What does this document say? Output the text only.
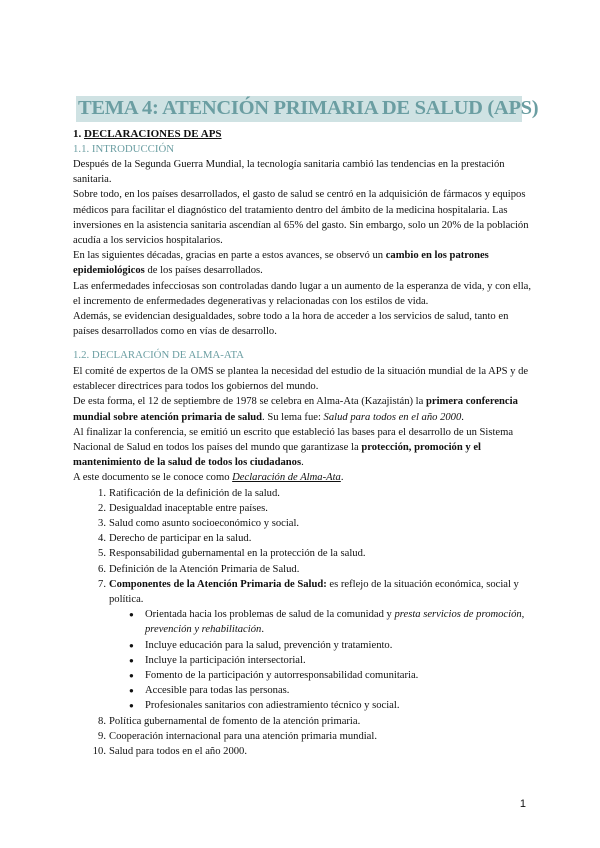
TEMA 4: ATENCIÓN PRIMARIA DE SALUD (APS)
1. DECLARACIONES DE APS
1.1. INTRODUCCIÓN

Después de la Segunda Guerra Mundial, la tecnología sanitaria cambió las tendencias en la prestación sanitaria.

Sobre todo, en los países desarrollados, el gasto de salud se centró en la adquisición de fármacos y equipos médicos para facilitar el diagnóstico del tratamiento dentro del ámbito de la medicina hospitalaria. Las inversiones en la asistencia sanitaria ascendían al 65% del gasto. Sin embargo, solo un 20% de la población acudía a los servicios hospitalarios.

En las siguientes décadas, gracias en parte a estos avances, se observó un cambio en los patrones epidemiológicos de los países desarrollados.

Las enfermedades infecciosas son controladas dando lugar a un aumento de la esperanza de vida, y con ella, el incremento de enfermedades degenerativas y relacionadas con los estilos de vida.

Además, se evidencian desigualdades, sobre todo a la hora de acceder a los servicios de salud, tanto en países desarrollados como en vías de desarrollo.

1.2. DECLARACIÓN DE ALMA-ATA

El comité de expertos de la OMS se plantea la necesidad del estudio de la situación mundial de la APS y de establecer directrices para todos los gobiernos del mundo.

De esta forma, el 12 de septiembre de 1978 se celebra en Alma-Ata (Kazajistán) la primera conferencia mundial sobre atención primaria de salud. Su lema fue: Salud para todos en el año 2000.

Al finalizar la conferencia, se emitió un escrito que estableció las bases para el desarrollo de un Sistema Nacional de Salud en todos los países del mundo que garantizase la protección, promoción y el mantenimiento de la salud de todos los ciudadanos.

A este documento se le conoce como Declaración de Alma-Ata.

1. Ratificación de la definición de la salud.
2. Desigualdad inaceptable entre países.
3. Salud como asunto socioeconómico y social.
4. Derecho de participar en la salud.
5. Responsabilidad gubernamental en la protección de la salud.
6. Definición de la Atención Primaria de Salud.
7. Componentes de la Atención Primaria de Salud: es reflejo de la situación económica, social y política.
● Orientada hacia los problemas de salud de la comunidad y presta servicios de promoción, prevención y rehabilitación.
● Incluye educación para la salud, prevención y tratamiento.
● Incluye la participación intersectorial.
● Fomento de la participación y autorresponsabilidad comunitaria.
● Accesible para todas las personas.
● Profesionales sanitarios con adiestramiento técnico y social.
8. Política gubernamental de fomento de la atención primaria.
9. Cooperación internacional para una atención primaria mundial.
10. Salud para todos en el año 2000.
1
